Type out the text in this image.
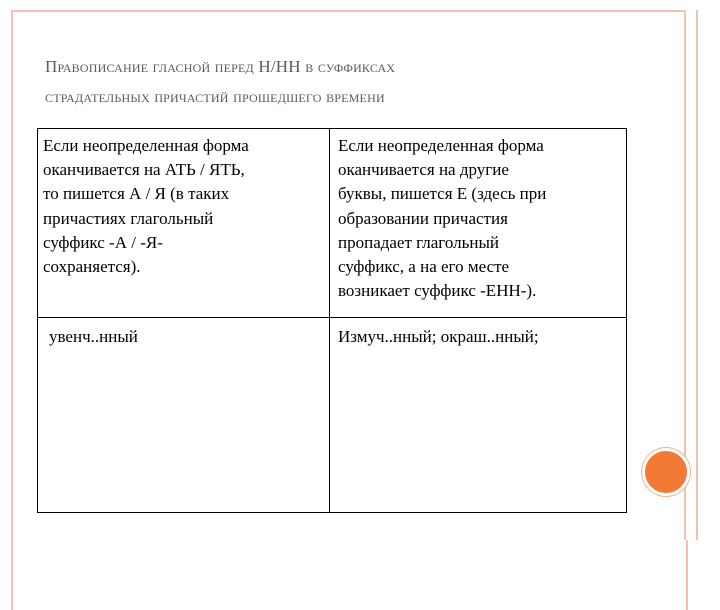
Правописание гласной перед Н/НН в суффиксах
страдательных причастий прошедшего времени
Если неопределенная форма
оканчивается на АТЬ / ЯТЬ,
то пишется А / Я (в таких
причастиях глагольный
суффикс -А / -Я-
сохраняется).
Если неопределенная форма
оканчивается на другие
буквы, пишется Е (здесь при
образовании причастия
пропадает глагольный
суффикс, а на его месте
возникает суффикс -ЕНН-).
увенч..нный	Измуч..нный; окраш..нный;
